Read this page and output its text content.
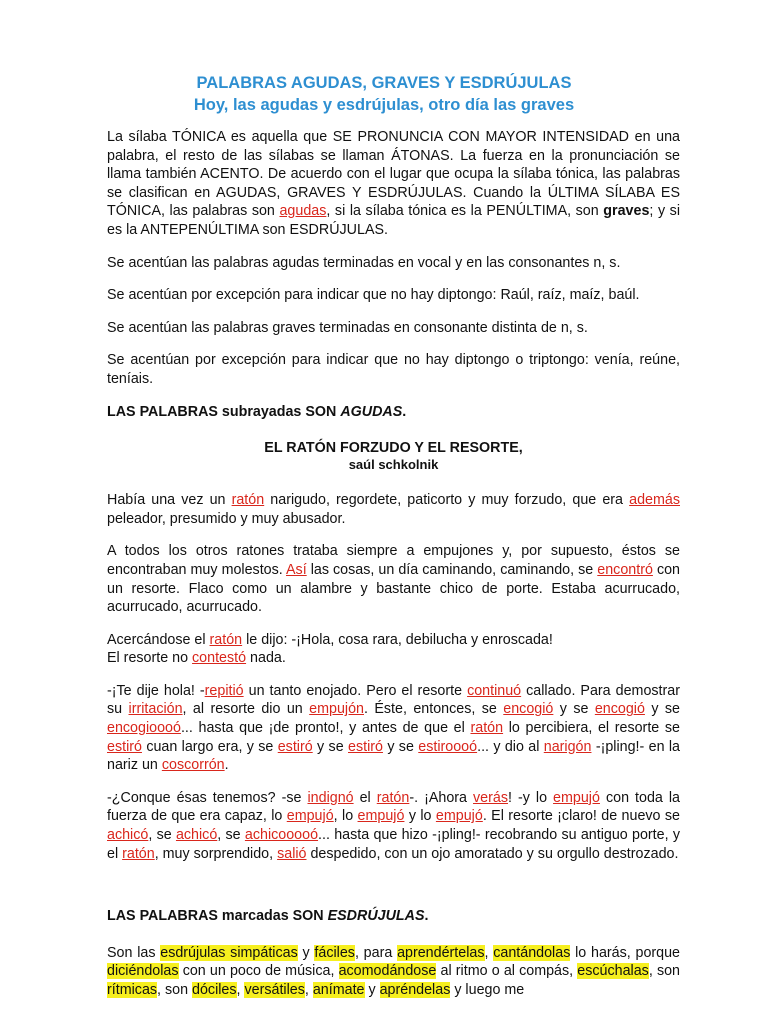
PALABRAS AGUDAS, GRAVES Y ESDRÚJULAS
Hoy, las agudas y esdrújulas, otro día las graves

La sílaba TÓNICA es aquella que SE PRONUNCIA CON MAYOR INTENSIDAD en una palabra, el resto de las sílabas se llaman ÁTONAS. La fuerza en la pronunciación se llama también ACENTO. De acuerdo con el lugar que ocupa la sílaba tónica, las palabras se clasifican en AGUDAS, GRAVES Y ESDRÚJULAS. Cuando la ÚLTIMA SÍLABA ES TÓNICA, las palabras son agudas, si la sílaba tónica es la PENÚLTIMA, son graves; y si es la ANTEPENÚLTIMA son ESDRÚJULAS.

Se acentúan las palabras agudas terminadas en vocal y en las consonantes n, s.

Se acentúan por excepción para indicar que no hay diptongo: Raúl, raíz, maíz, baúl.

Se acentúan las palabras graves terminadas en consonante distinta de n, s.

Se acentúan por excepción para indicar que no hay diptongo o triptongo: venía, reúne, teníais.

LAS PALABRAS subrayadas SON AGUDAS.

EL RATÓN FORZUDO Y EL RESORTE,
saúl schkolnik

Había una vez un ratón narigudo, regordete, paticorto y muy forzudo, que era además peleador, presumido y muy abusador.

A todos los otros ratones trataba siempre a empujones y, por supuesto, éstos se encontraban muy molestos. Así las cosas, un día caminando, caminando, se encontró con un resorte. Flaco como un alambre y bastante chico de porte. Estaba acurrucado, acurrucado, acurrucado.

Acercándose el ratón le dijo: -¡Hola, cosa rara, debilucha y enroscada!
El resorte no contestó nada.

-¡Te dije hola! -repitió un tanto enojado. Pero el resorte continuó callado. Para demostrar su irritación, al resorte dio un empujón. Éste, entonces, se encogió y se encogió y se encogioooó... hasta que ¡de pronto!, y antes de que el ratón lo percibiera, el resorte se estiró cuan largo era, y se estiró y se estiró y se estiroooó... y dio al narigón -¡pling!- en la nariz un coscorrón.

-¿Conque ésas tenemos? -se indignó el ratón-. ¡Ahora verás! -y lo empujó con toda la fuerza de que era capaz, lo empujó, lo empujó y lo empujó. El resorte ¡claro! de nuevo se achicó, se achicó, se achicooooó... hasta que hizo -¡pling!- recobrando su antiguo porte, y el ratón, muy sorprendido, salió despedido, con un ojo amoratado y su orgullo destrozado.

LAS PALABRAS marcadas SON ESDRÚJULAS.

Son las esdrújulas simpáticas y fáciles, para aprendértelas, cantándolas lo harás, porque diciéndolas con un poco de música, acomodándose al ritmo o al compás, escúchalas, son rítmicas, son dóciles, versátiles, anímate y apréndelas y luego me
